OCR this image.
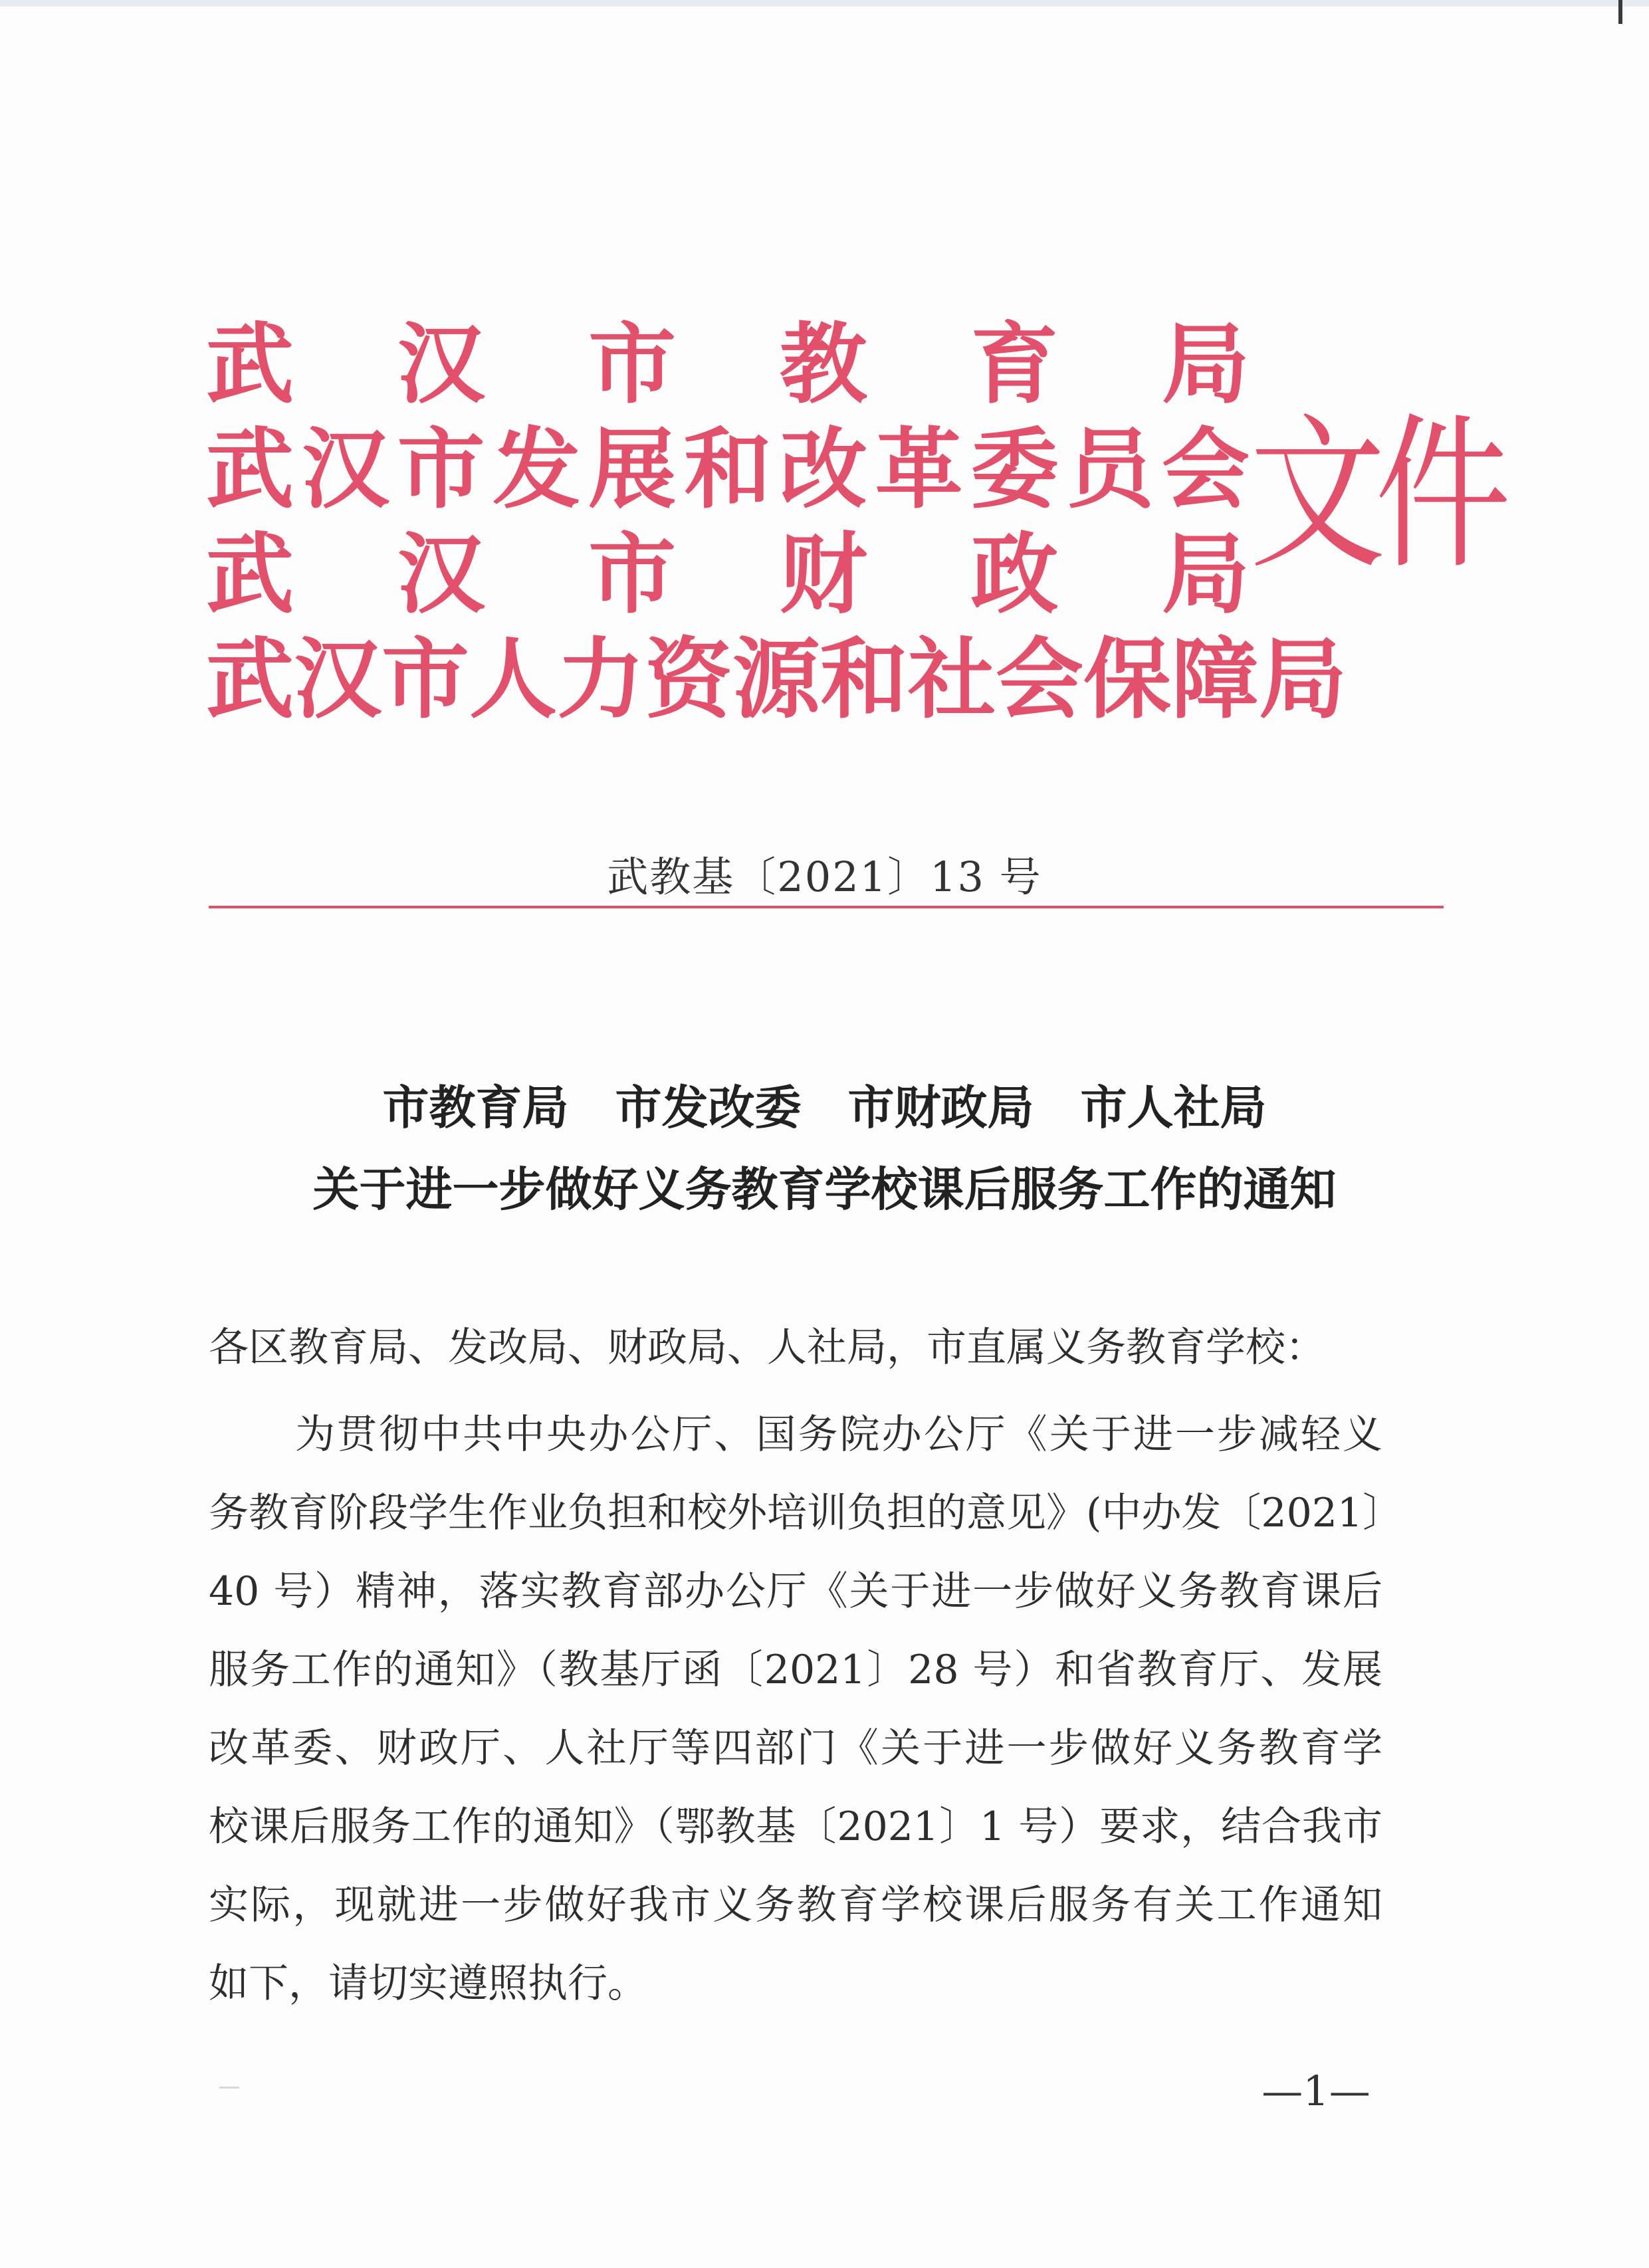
武 汉 市 教 育 局
武 汉 市 发 展 和 改 革 委 员 会
武 汉 市 财 政 局
武 汉 市 人 力 资 源 和 社 会 保 障 局
文件
武教基〔2021〕13 号
市教育局　市发改委　市财政局　市人社局
关于进一步做好义务教育学校课后服务工作的通知
各区教育局、发改局、财政局、人社局，市直属义务教育学校：
为贯彻中共中央办公厅、国务院办公厅《关于进一步减轻义
务教育阶段学生作业负担和校外培训负担的意见》(中办发〔2021〕
40 号）精神，落实教育部办公厅《关于进一步做好义务教育课后
服务工作的通知》（教基厅函〔2021〕28 号）和省教育厅、发展
改革委、财政厅、人社厅等四部门《关于进一步做好义务教育学
校课后服务工作的通知》（鄂教基〔2021〕1 号）要求，结合我市
实际，现就进一步做好我市义务教育学校课后服务有关工作通知
如下，请切实遵照执行。
—1—
